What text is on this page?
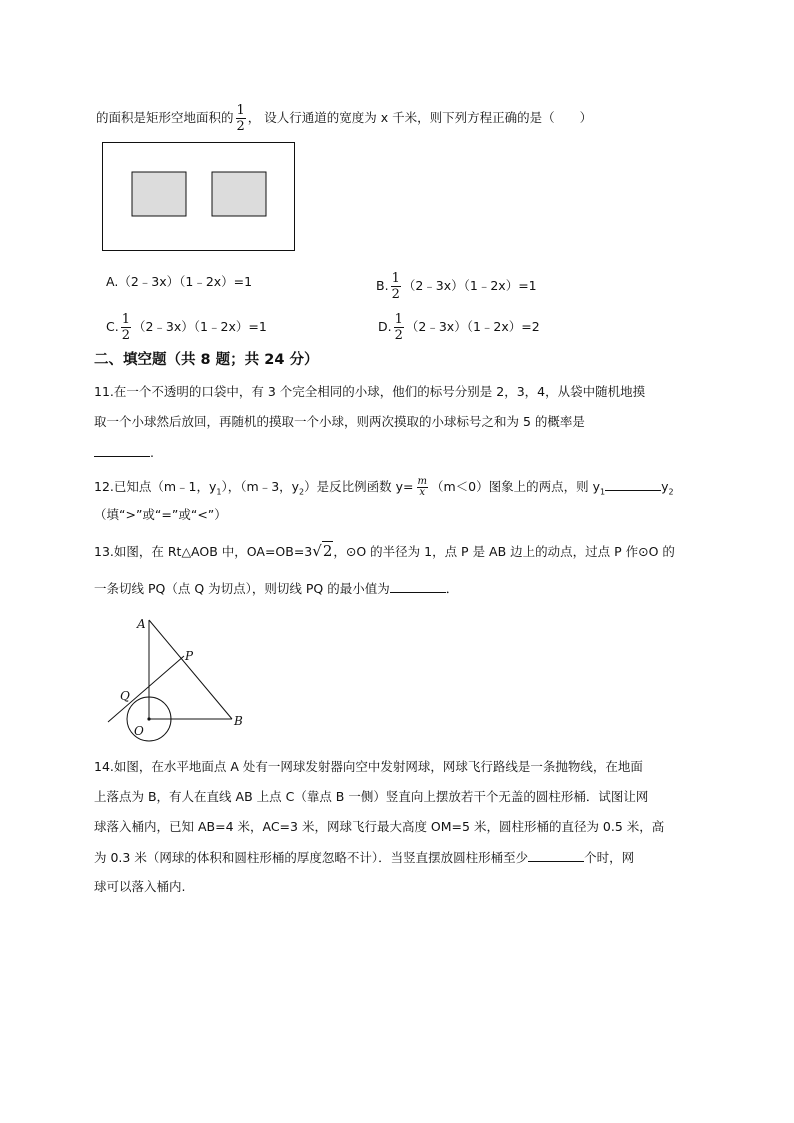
的面积是矩形空地面积的 $\frac{1}{2}$ ， 设人行通道的宽度为 x 千米，则下列方程正确的是（　　）
A.（2﹣3x）（1﹣2x）=1	B. $\frac{1}{2}$ （2﹣3x）（1﹣2x）=1
C. $\frac{1}{2}$ （2﹣3x）（1﹣2x）=1	D. $\frac{1}{2}$ （2﹣3x）（1﹣2x）=2
二、填空题（共 8 题；共 24 分）
11.在一个不透明的口袋中，有 3 个完全相同的小球，他们的标号分别是 2，3，4，从袋中随机地摸
取一个小球然后放回，再随机的摸取一个小球，则两次摸取的小球标号之和为 5 的概率是
.
12.已知点（m﹣1，$y_1$），（m﹣3，$y_2$）是反比例函数 $y= \frac{m}{x} (m<0)$图象上的两点，则 $y_1$	$y_2$
（填“>”或“=”或“<”）
13.如图，在 Rt△AOB 中，OA=OB=3√2，⊙O 的半径为 1，点 P 是 AB 边上的动点，过点 P 作⊙O 的
一条切线 PQ（点 Q 为切点），则切线 PQ 的最小值为	．
A
P
Q
O
B
14.如图，在水平地面点 A 处有一网球发射器向空中发射网球，网球飞行路线是一条抛物线，在地面
上落点为 B，有人在直线 AB 上点 C（靠点 B 一侧）竖直向上摆放若干个无盖的圆柱形桶．试图让网
球落入桶内，已知 AB=4 米，AC=3 米，网球飞行最大高度 OM=5 米，圆柱形桶的直径为 0.5 米，高
为 0.3 米（网球的体积和圆柱形桶的厚度忽略不计）．当竖直摆放圆柱形桶至少	个时，网
球可以落入桶内.
